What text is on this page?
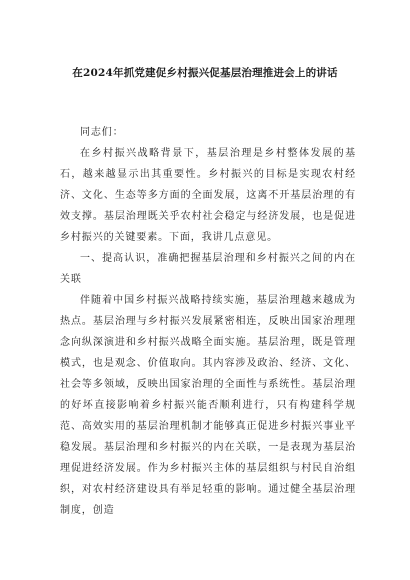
在2024年抓党建促乡村振兴促基层治理推进会上的讲话

同志们：

在乡村振兴战略背景下，基层治理是乡村整体发展的基石，越来越显示出其重要性。乡村振兴的目标是实现农村经济、文化、生态等多方面的全面发展，这离不开基层治理的有效支撑。基层治理既关乎农村社会稳定与经济发展，也是促进乡村振兴的关键要素。下面，我讲几点意见。

一、提高认识，准确把握基层治理和乡村振兴之间的内在关联

伴随着中国乡村振兴战略持续实施，基层治理越来越成为热点。基层治理与乡村振兴发展紧密相连，反映出国家治理理念向纵深演进和乡村振兴战略全面实施。基层治理，既是管理模式，也是观念、价值取向。其内容涉及政治、经济、文化、社会等多领域，反映出国家治理的全面性与系统性。基层治理的好坏直接影响着乡村振兴能否顺利进行，只有构建科学规范、高效实用的基层治理机制才能够真正促进乡村振兴事业平稳发展。基层治理和乡村振兴的内在关联，一是表现为基层治理促进经济发展。作为乡村振兴主体的基层组织与村民自治组织，对农村经济建设具有举足轻重的影响。通过健全基层治理制度，创造
